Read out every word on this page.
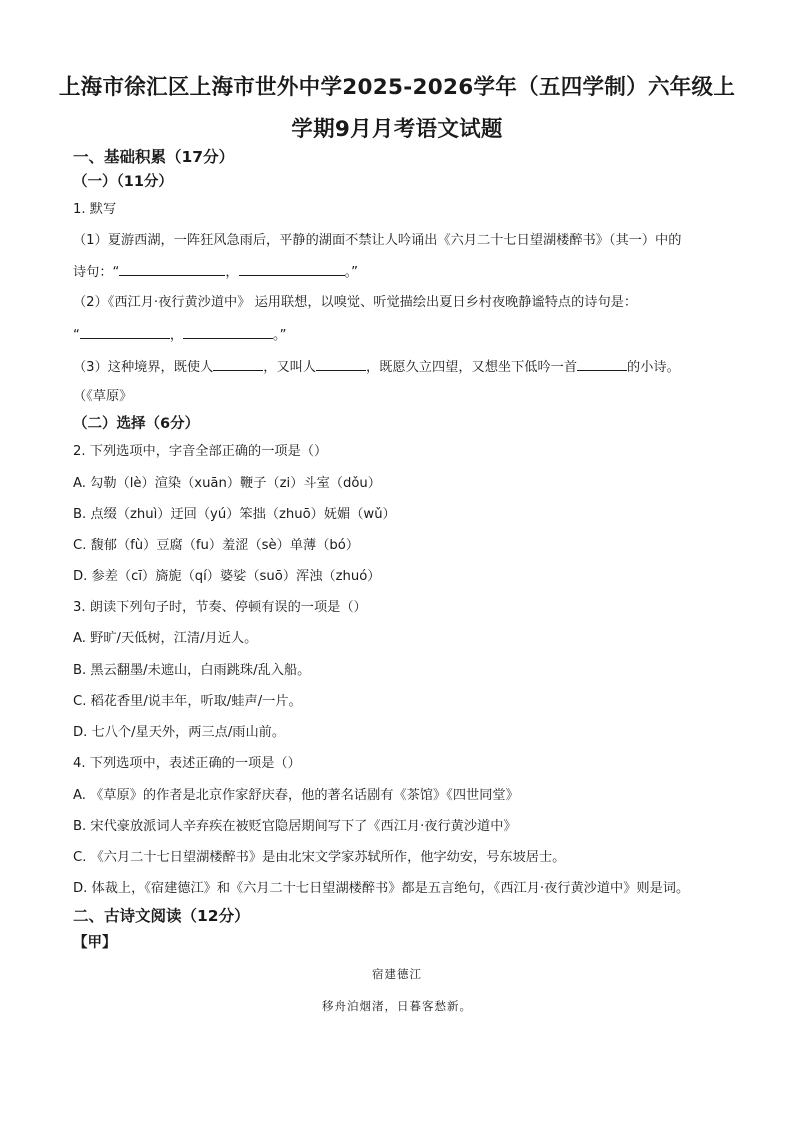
上海市徐汇区上海市世外中学2025-2026学年（五四学制）六年级上
学期9月月考语文试题
一、基础积累（17分）
（一）（11分）
1. 默写
（1）夏游西湖，一阵狂风急雨后，平静的湖面不禁让人吟诵出《六月二十七日望湖楼醉书》（其一）中的
诗句：“	，	。”
（2）《西江月·夜行黄沙道中》 运用联想，以嗅觉、听觉描绘出夏日乡村夜晚静谧特点的诗句是：
“	，	。”
（3）这种境界，既使人	，又叫人	，既愿久立四望，又想坐下低吟一首	的小诗。
（《草原》
（二）选择（6分）
2. 下列选项中，字音全部正确的一项是（）
A. 勾勒（lè）渲染（xuān）鞭子（zi）斗室（dǒu）
B. 点缀（zhuì）迂回（yú）笨拙（zhuō）妩媚（wǔ）
C. 馥郁（fù）豆腐（fu）羞涩（sè）单薄（bó）
D. 参差（cī）旖旎（qí）婆娑（suō）浑浊（zhuó）
3. 朗读下列句子时，节奏、停顿有误的一项是（）
A. 野旷/天低树，江清/月近人。
B. 黑云翻墨/未遮山，白雨跳珠/乱入船。
C. 稻花香里/说丰年，听取/蛙声/一片。
D. 七八个/星天外，两三点/雨山前。
4. 下列选项中，表述正确的一项是（）
A. 《草原》的作者是北京作家舒庆春，他的著名话剧有《茶馆》《四世同堂》
B. 宋代豪放派词人辛弃疾在被贬官隐居期间写下了《西江月·夜行黄沙道中》
C. 《六月二十七日望湖楼醉书》是由北宋文学家苏轼所作，他字幼安，号东坡居士。
D. 体裁上，《宿建德江》和《六月二十七日望湖楼醉书》都是五言绝句，《西江月·夜行黄沙道中》则是词。
二、古诗文阅读（12分）
【甲】
宿建德江
移舟泊烟渚，日暮客愁新。
